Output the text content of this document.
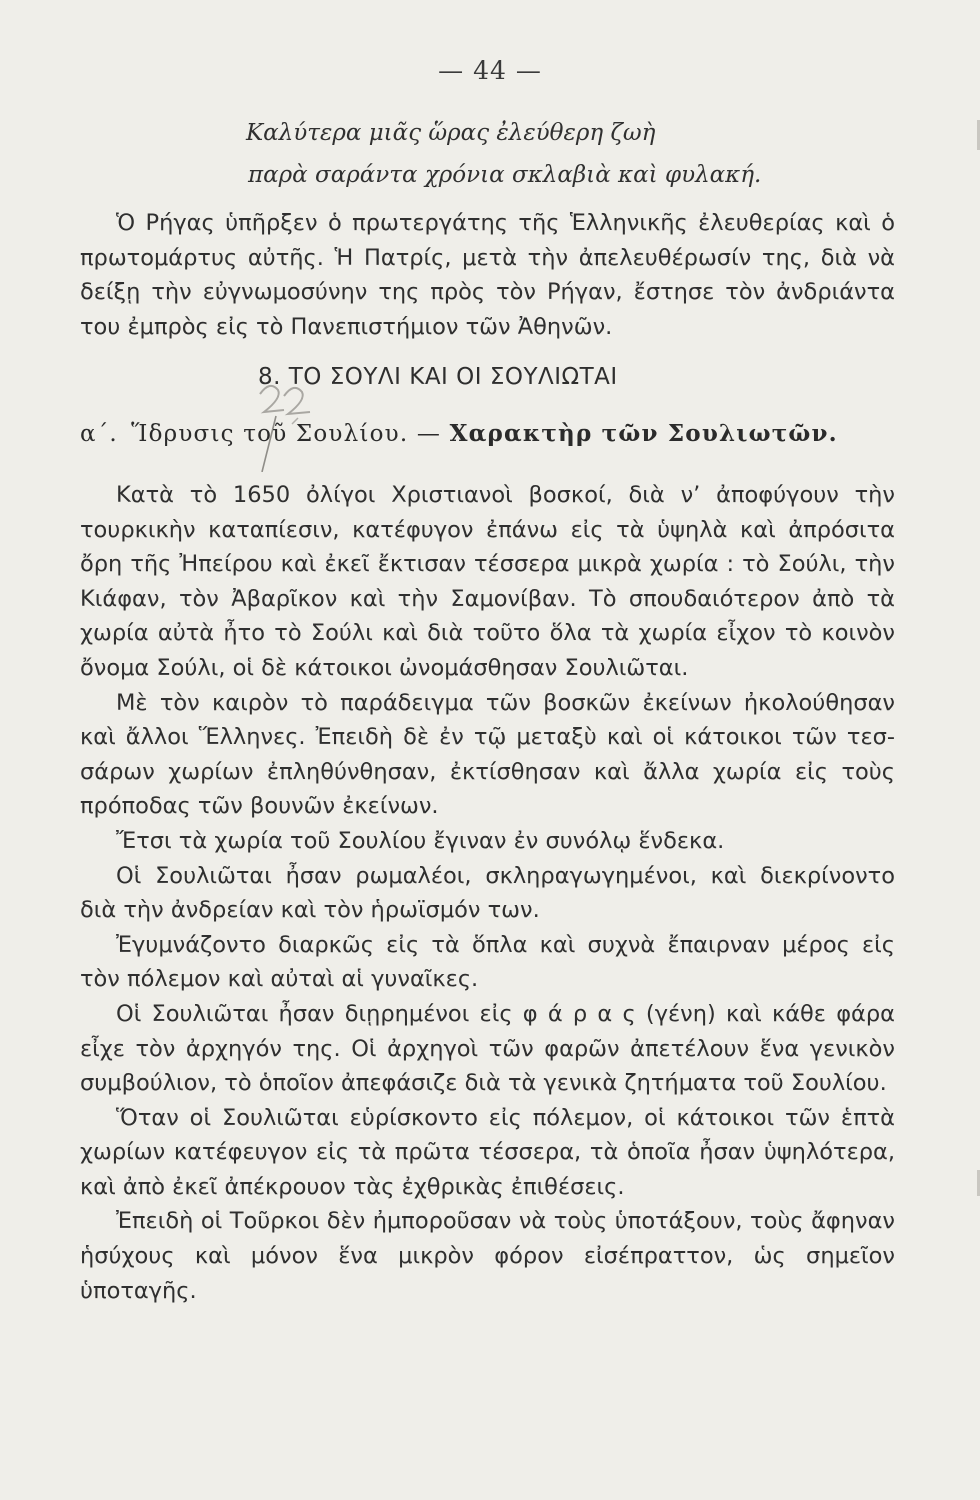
— 44 —
Καλύτερα μιᾶς ὥρας ἐλεύθερη ζωὴ
παρὰ σαράντα χρόνια σκλαβιὰ καὶ φυλακή.

Ὁ Ρήγας ὑπῆρξεν ὁ πρωτεργάτης τῆς Ἑλληνικῆς ἐλευθερίας καὶ ὁ πρωτομάρτυς αὐτῆς. Ἡ Πατρίς, μετὰ τὴν ἀπελευθέρωσίν της, διὰ νὰ δείξῃ τὴν εὐγνωμοσύνην της πρὸς τὸν Ρήγαν, ἔστησε τὸν ἀνδριάντα του ἐμπρὸς εἰς τὸ Πανεπιστήμιον τῶν Ἀθηνῶν.

8. ΤΟ ΣΟΥΛΙ ΚΑΙ ΟΙ ΣΟΥΛΙΩΤΑΙ
α΄. Ἵδρυσις τοῦ Σουλίου. — Χαρακτὴρ τῶν Σουλιωτῶν.

Κατὰ τὸ 1650 ὀλίγοι Χριστιανοὶ βοσκοί, διὰ ν’ ἀποφύγουν τὴν τουρκικὴν καταπίεσιν, κατέφυγον ἐπάνω εἰς τὰ ὑψηλὰ καὶ ἀπρόσιτα ὄρη τῆς Ἠπείρου καὶ ἐκεῖ ἔκτισαν τέσσερα μικρὰ χωρία : τὸ Σούλι, τὴν Κιάφαν, τὸν Ἀβαρῖκον καὶ τὴν Σαμονίβαν. Τὸ σπουδαιότερον ἀπὸ τὰ χωρία αὐτὰ ἦτο τὸ Σούλι καὶ διὰ τοῦτο ὅλα τὰ χωρία εἶχον τὸ κοινὸν ὄνομα Σούλι, οἱ δὲ κάτοικοι ὠνομάσθησαν Σουλιῶται.

Μὲ τὸν καιρὸν τὸ παράδειγμα τῶν βοσκῶν ἐκείνων ἠκολούθησαν καὶ ἄλλοι Ἕλληνες. Ἐπειδὴ δὲ ἐν τῷ μεταξὺ καὶ οἱ κάτοικοι τῶν τεσσάρων χωρίων ἐπληθύνθησαν, ἐκτίσθησαν καὶ ἄλλα χωρία εἰς τοὺς πρόποδας τῶν βουνῶν ἐκείνων.

Ἔτσι τὰ χωρία τοῦ Σουλίου ἔγιναν ἐν συνόλῳ ἕνδεκα.

Οἱ Σουλιῶται ἦσαν ρωμαλέοι, σκληραγωγημένοι, καὶ διεκρίνοντο διὰ τὴν ἀνδρείαν καὶ τὸν ἡρωϊσμόν των.

Ἐγυμνάζοντο διαρκῶς εἰς τὰ ὅπλα καὶ συχνὰ ἔπαιρναν μέρος εἰς τὸν πόλεμον καὶ αὐταὶ αἱ γυναῖκες.

Οἱ Σουλιῶται ἦσαν διῃρημένοι εἰς φ ά ρ α ς (γένη) καὶ κάθε φάρα εἶχε τὸν ἀρχηγόν της. Οἱ ἀρχηγοὶ τῶν φαρῶν ἀπετέλουν ἕνα γενικὸν συμβούλιον, τὸ ὁποῖον ἀπεφάσιζε διὰ τὰ γενικὰ ζητήματα τοῦ Σουλίου.

Ὅταν οἱ Σουλιῶται εὑρίσκοντο εἰς πόλεμον, οἱ κάτοικοι τῶν ἑπτὰ χωρίων κατέφευγον εἰς τὰ πρῶτα τέσσερα, τὰ ὁποῖα ἦσαν ὑψηλότερα, καὶ ἀπὸ ἐκεῖ ἀπέκρουον τὰς ἐχθρικὰς ἐπιθέσεις.

Ἐπειδὴ οἱ Τοῦρκοι δὲν ἠμποροῦσαν νὰ τοὺς ὑποτάξουν, τοὺς ἄφηναν ἡσύχους καὶ μόνον ἕνα μικρὸν φόρον εἰσέπραττον, ὡς σημεῖον ὑποταγῆς.
